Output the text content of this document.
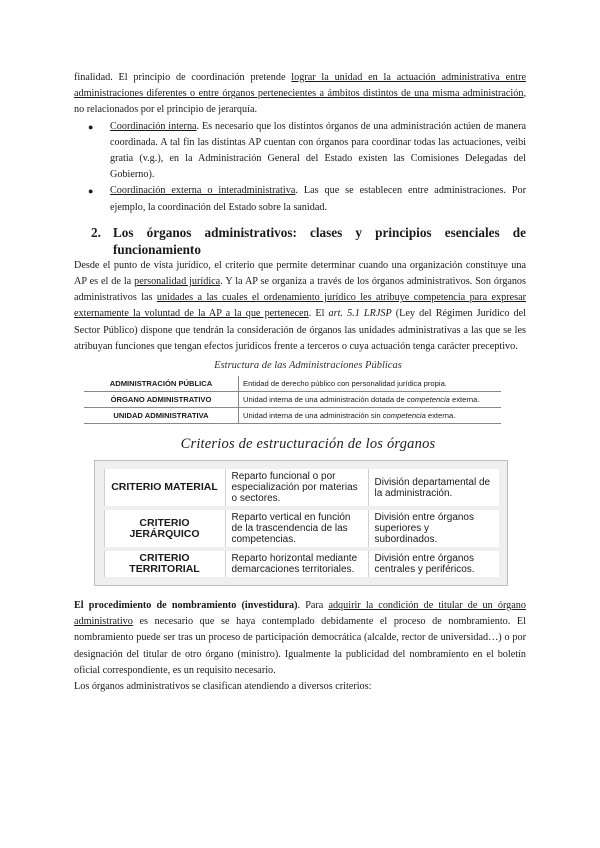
finalidad. El principio de coordinación pretende lograr la unidad en la actuación administrativa entre administraciones diferentes o entre órganos pertenecientes a ámbitos distintos de una misma administración, no relacionados por el principio de jerarquía.

● Coordinación interna. Es necesario que los distintos órganos de una administración actúen de manera coordinada. A tal fin las distintas AP cuentan con órganos para coordinar todas las actuaciones, veibi gratia (v.g.), en la Administración General del Estado existen las Comisiones Delegadas del Gobierno).
● Coordinación externa o interadministrativa. Las que se establecen entre administraciones. Por ejemplo, la coordinación del Estado sobre la sanidad.
2. Los órganos administrativos: clases y principios esenciales de funcionamiento

Desde el punto de vista jurídico, el criterio que permite determinar cuando una organización constituye una AP es el de la personalidad jurídica. Y la AP se organiza a través de los órganos administrativos. Son órganos administrativos las unidades a las cuales el ordenamiento jurídico les atribuye competencia para expresar externamente la voluntad de la AP a la que pertenecen. El art. 5.1 LRJSP (Ley del Régimen Jurídico del Sector Público) dispone que tendrán la consideración de órganos las unidades administrativas a las que se les atribuyan funciones que tengan efectos jurídicos frente a terceros o cuya actuación tenga carácter preceptivo.

Estructura de las Administraciones Públicas
ADMINISTRACIÓN PÚBLICA	Entidad de derecho público con personalidad jurídica propia.
ÓRGANO ADMINISTRATIVO	Unidad interna de una administración dotada de competencia externa.
UNIDAD ADMINISTRATIVA	Unidad interna de una administración sin competencia externa.
Criterios de estructuración de los órganos
CRITERIO MATERIAL	Reparto funcional o por especialización por materias o sectores.	División departamental de la administración.
CRITERIO JERÁRQUICO	Reparto vertical en función de la trascendencia de las competencias.	División entre órganos superiores y subordinados.
CRITERIO TERRITORIAL	Reparto horizontal mediante demarcaciones territoriales.	División entre órganos centrales y periféricos.

El procedimiento de nombramiento (investidura). Para adquirir la condición de titular de un órgano administrativo es necesario que se haya contemplado debidamente el proceso de nombramiento. El nombramiento puede ser tras un proceso de participación democrática (alcalde, rector de universidad…) o por designación del titular de otro órgano (ministro). Igualmente la publicidad del nombramiento en el boletín oficial correspondiente, es un requisito necesario.

Los órganos administrativos se clasifican atendiendo a diversos criterios:
